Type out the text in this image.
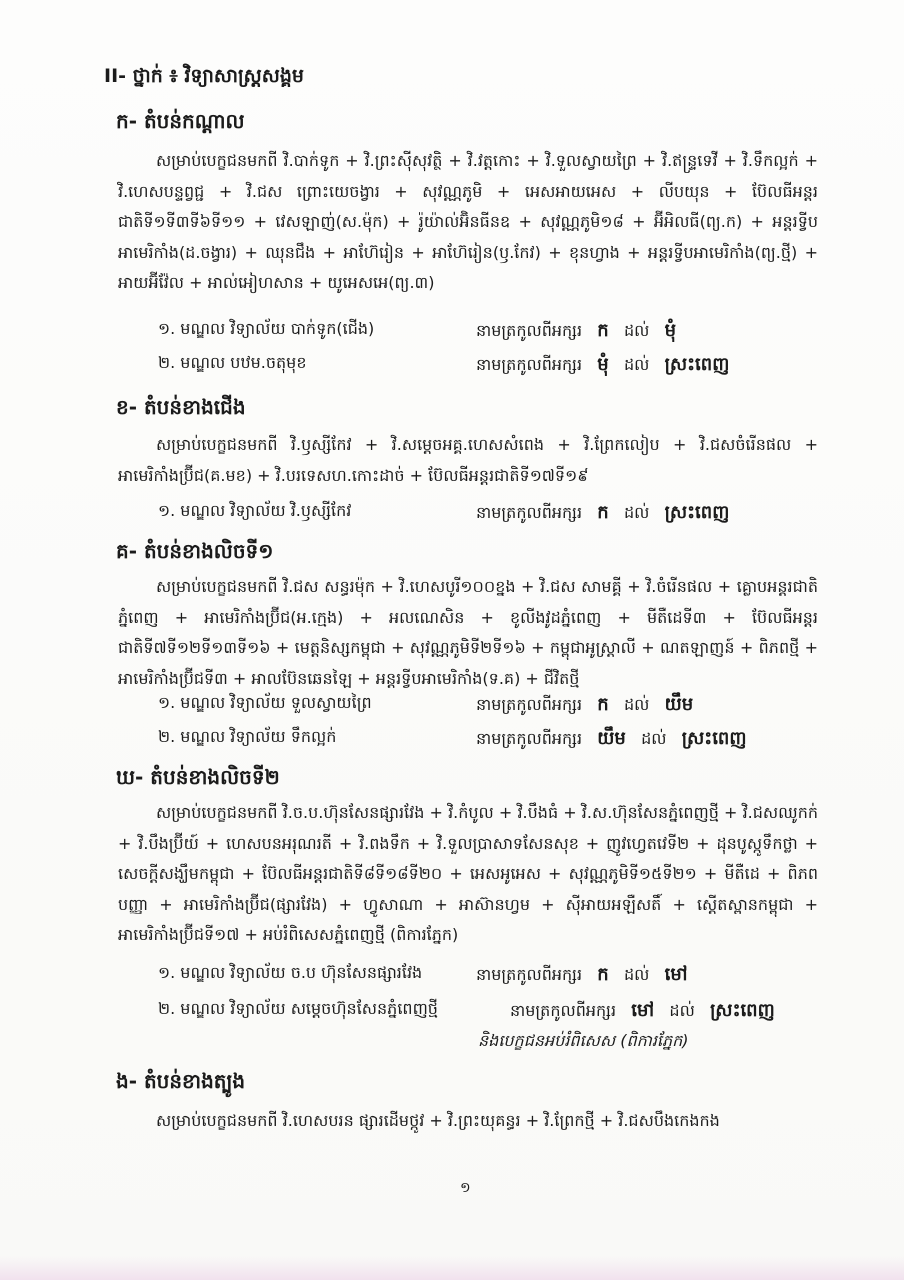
II- ថ្នាក់ ៖ វិទ្យាសាស្ត្រសង្គម
ក- តំបន់កណ្តាល
សម្រាប់បេក្ខជនមកពី វិ.បាក់ទូក + វិ.ព្រះស៊ីសុវត្ថិ + វិ.វត្តកោះ + វិ.ទួលស្វាយព្រៃ + វិ.ឥន្ទ្រទេវី + វិ.ទឹកល្អក់ + វិ.ហេសបន្ទព្វជ្ជ + វិ.ជស ព្រោះយេចង្វារ + សុវណ្ណភូមិ + អេសអាយអេស + លីបយុន + ប៊ែលធីអន្តរជាតិទី១ទី៣ទី៦ទី១១ + វេសឡាញ់(ស.ម៉ុក) + រ៉ូយ៉ាល់អ៊ិនធីនឧ + សុវណ្ណភូមិ១៨ + អ៊ីអិលធី(ព្យ.ក) + អន្តរទ្វីបអាមេរិកាំង(ដ.ចង្វារ) + ឈុនជឹង + អាហ៊ែរៀន + អាហ៊ែរៀន(ឫ.កែវ) + ខុនហ្វាង + អន្តរទ្វីបអាមេរិកាំង(ព្យ.ថ្មី) + អាយអ៊ីវ៉ែល + អាល់អៀហសាន + យូអេសអេ(ព្យ.៣)
១. មណ្ឌល វិទ្យាល័យ បាក់ទូក(ជើង)	នាមត្រកូលពីអក្សរ ក ដល់ មុំ
២. មណ្ឌល បឋម.ចតុមុខ	នាមត្រកូលពីអក្សរ មុំ ដល់ ស្រះពេញ
ខ- តំបន់ខាងជើង
សម្រាប់បេក្ខជនមកពី វិ.ឫស្សីកែវ + វិ.សម្តេចអគ្គ.ហេសសំពេង + វិ.ព្រែកលៀប + វិ.ជសចំរើនផល + អាមេរិកាំងប្រ៊ីជ(គ.មខ) + វិ.បរទេសហ.កោះដាច់ + ប៊ែលធីអន្តរជាតិទី១៧ទី១៩
១. មណ្ឌល វិទ្យាល័យ វិ.ឫស្សីកែវ	នាមត្រកូលពីអក្សរ ក ដល់ ស្រះពេញ
គ- តំបន់ខាងលិចទី១
សម្រាប់បេក្ខជនមកពី វិ.ជស សន្ធរម៉ុក + វិ.ហេសបូរី១០០ខ្នង + វិ.ជស សាមគ្គី + វិ.ចំរើនផល + គ្លោបអន្តរជាតិភ្នំពេញ + អាមេរិកាំងប្រ៊ីជ(អ.ក្មេង) + អលណេសិន + ខូលីងវូដភ្នំពេញ + មីតឺដេទី៣ + ប៊ែលធីអន្តរជាតិទី៧ទី១២ទី១៣ទី១៦ + មេត្តនិស្សកម្ពុជា + សុវណ្ណភូមិទី២ទី១៦ + កម្ពុជាអូស្ត្រាលី + ណតឡាញន៍ + ពិភពថ្មី + អាមេរិកាំងប្រ៊ីជទី៣ + អាលប៊ែនឆេនឡៃ + អន្តរទ្វីបអាមេរិកាំង(ទ.គ) + ជីវិតថ្មី
១. មណ្ឌល វិទ្យាល័យ ទួលស្វាយព្រៃ	នាមត្រកូលពីអក្សរ ក ដល់ យឹម
២. មណ្ឌល វិទ្យាល័យ ទឹកល្អក់	នាមត្រកូលពីអក្សរ យឹម ដល់ ស្រះពេញ
ឃ- តំបន់ខាងលិចទី២
សម្រាប់បេក្ខជនមកពី វិ.ច.ប.ហ៊ុនសែនផ្សារវែង + វិ.កំបូល + វិ.បឹងធំ + វិ.ស.ហ៊ុនសែនភ្នំពេញថ្មី + វិ.ជសឈូកក់ + វិ.បឹងប្រ៊ីយ៍ + ហេសបនអរុណរតី + វិ.ពងទឹក + វិ.ទួលប្រាសាទសែនសុខ + ញូវហ្វេតវេទី២ + ដុនបូស្កូទឹកថ្លា + សេចក្តីសង្ឃឹមកម្ពុជា + ប៊ែលធីអន្តរជាតិទី៨ទី១៨ទី២០ + អេសអូអេស + សុវណ្ណភូមិទី១៥ទី២១ + មីតឺដេ + ពិភពបញ្ញា + អាមេរិកាំងប្រ៊ីជ(ផ្សារវែង) + ហ្វូសាណា + អាស៊ានហ្វម + ស៊ីអាយអឡឺសតិ៍ + ស្តើតស្ពានកម្ពុជា + អាមេរិកាំងប្រ៊ីជទី១៧ + អប់រំពិសេសភ្នំពេញថ្មី (ពិការភ្នែក)
១. មណ្ឌល វិទ្យាល័យ ច.ប ហ៊ុនសែនផ្សារវែង	នាមត្រកូលពីអក្សរ ក ដល់ មៅ
២. មណ្ឌល វិទ្យាល័យ សម្តេចហ៊ុនសែនភ្នំពេញថ្មី	នាមត្រកូលពីអក្សរ មៅ ដល់ ស្រះពេញ
និងបេក្ខជនអប់រំពិសេស (ពិការភ្នែក)
ង- តំបន់ខាងត្បូង
សម្រាប់បេក្ខជនមកពី វិ.ហេសបរន ផ្សារដើមថ្កូវ + វិ.ព្រះយុគន្ធរ + វិ.ព្រែកថ្មី + វិ.ជសបឹងកេងកង
១
